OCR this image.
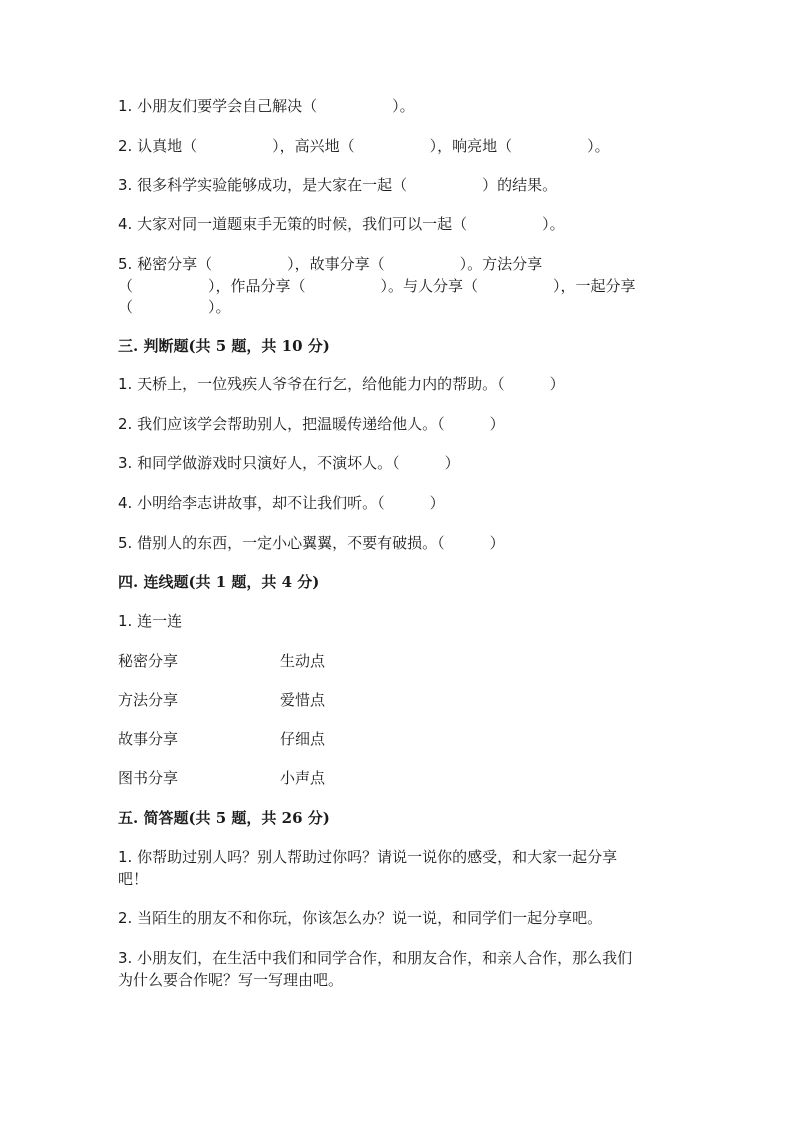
1. 小朋友们要学会自己解决（　　　　　）。
2. 认真地（　　　　　），高兴地（　　　　　），响亮地（　　　　　）。
3. 很多科学实验能够成功，是大家在一起（　　　　　）的结果。
4. 大家对同一道题束手无策的时候，我们可以一起（　　　　　）。
5. 秘密分享（　　　　　），故事分享（　　　　　）。方法分享
（　　　　　），作品分享（　　　　　）。与人分享（　　　　　），一起分享
（　　　　　）。
三. 判断题(共 5 题，共 10 分)
1. 天桥上，一位残疾人爷爷在行乞，给他能力内的帮助。（　　　）
2. 我们应该学会帮助别人，把温暖传递给他人。（　　　）
3. 和同学做游戏时只演好人，不演坏人。（　　　）
4. 小明给李志讲故事，却不让我们听。（　　　）
5. 借别人的东西，一定小心翼翼，不要有破损。（　　　）
四. 连线题(共 1 题，共 4 分)
1. 连一连
秘密分享	生动点
方法分享	爱惜点
故事分享	仔细点
图书分享	小声点
五. 简答题(共 5 题，共 26 分)
1. 你帮助过别人吗？别人帮助过你吗？请说一说你的感受，和大家一起分享
吧！
2. 当陌生的朋友不和你玩，你该怎么办？说一说，和同学们一起分享吧。
3. 小朋友们，在生活中我们和同学合作，和朋友合作，和亲人合作，那么我们
为什么要合作呢？写一写理由吧。
